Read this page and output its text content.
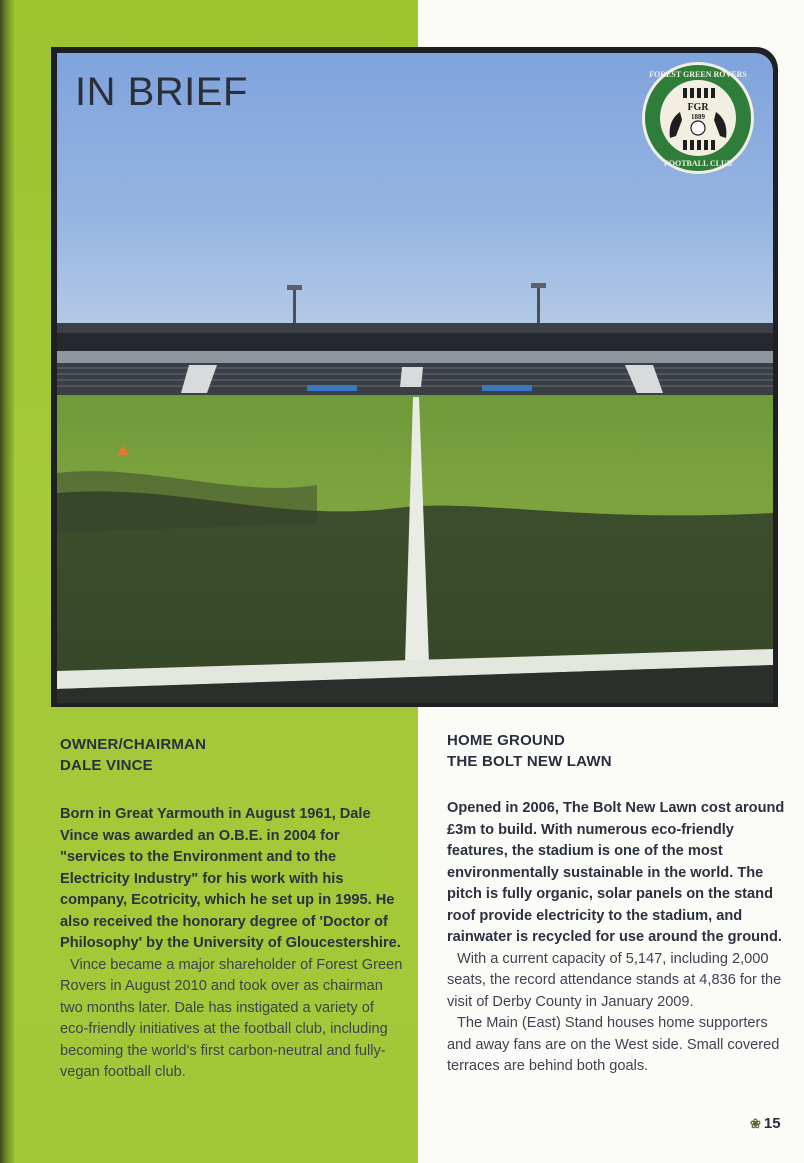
IN BRIEF	FOREST GREEN ROVERS
FOOTBALL CLUB
FGR
1889
OWNER/CHAIRMAN
DALE VINCE

Born in Great Yarmouth in August 1961, Dale Vince was awarded an O.B.E. in 2004 for "services to the Environment and to the Electricity Industry" for his work with his company, Ecotricity, which he set up in 1995. He also received the honorary degree of 'Doctor of Philosophy' by the University of Gloucestershire.

Vince became a major shareholder of Forest Green Rovers in August 2010 and took over as chairman two months later. Dale has instigated a variety of eco-friendly initiatives at the football club, including becoming the world's first carbon-neutral and fully-vegan football club.

HOME GROUND
THE BOLT NEW LAWN

Opened in 2006, The Bolt New Lawn cost around £3m to build. With numerous eco-friendly features, the stadium is one of the most environmentally sustainable in the world. The pitch is fully organic, solar panels on the stand roof provide electricity to the stadium, and rainwater is recycled for use around the ground.

With a current capacity of 5,147, including 2,000 seats, the record attendance stands at 4,836 for the visit of Derby County in January 2009.

The Main (East) Stand houses home supporters and away fans are on the West side. Small covered terraces are behind both goals.

❀ 15
